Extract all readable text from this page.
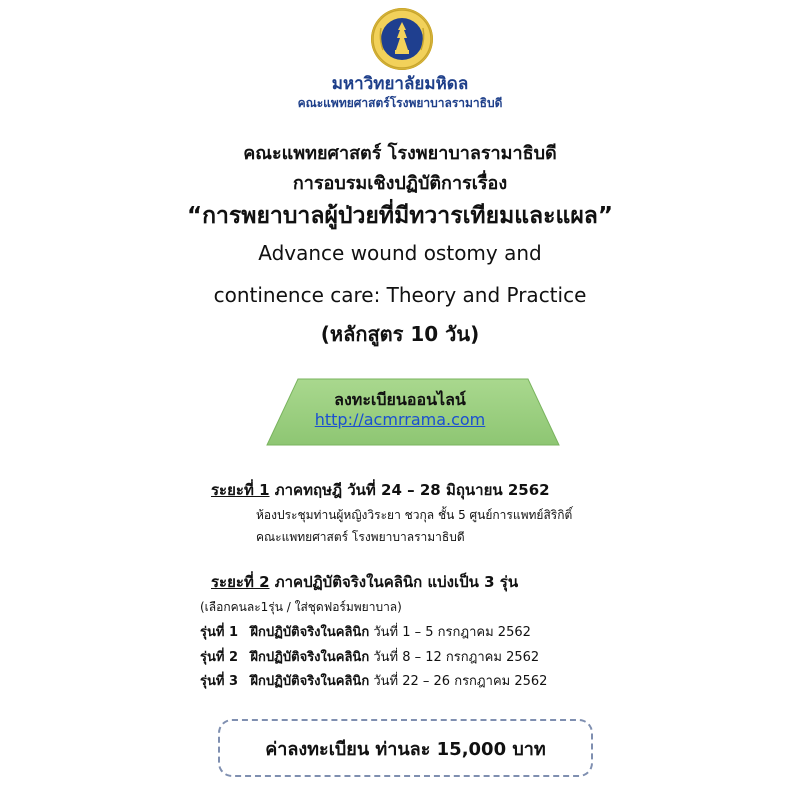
มหาวิทยาลัยมหิดล
คณะแพทยศาสตร์โรงพยาบาลรามาธิบดี
คณะแพทยศาสตร์ โรงพยาบาลรามาธิบดี
การอบรมเชิงปฏิบัติการเรื่อง
“การพยาบาลผู้ป่วยที่มีทวารเทียมและแผล”
Advance wound ostomy and
continence care: Theory and Practice
(หลักสูตร 10 วัน)
ลงทะเบียนออนไลน์
http://acmrrama.com
ระยะที่ 1 ภาคทฤษฎี วันที่ 24 – 28 มิถุนายน 2562
ห้องประชุมท่านผู้หญิงวิระยา ชวกุล ชั้น 5 ศูนย์การแพทย์สิริกิติ์
คณะแพทยศาสตร์ โรงพยาบาลรามาธิบดี
ระยะที่ 2 ภาคปฏิบัติจริงในคลินิก แบ่งเป็น 3 รุ่น
(เลือกคนละ1รุ่น / ใส่ชุดฟอร์มพยาบาล)
รุ่นที่ 1 ฝึกปฏิบัติจริงในคลินิก วันที่ 1 – 5 กรกฎาคม 2562
รุ่นที่ 2 ฝึกปฏิบัติจริงในคลินิก วันที่ 8 – 12 กรกฎาคม 2562
รุ่นที่ 3 ฝึกปฏิบัติจริงในคลินิก วันที่ 22 – 26 กรกฎาคม 2562
ค่าลงทะเบียน ท่านละ 15,000 บาท
